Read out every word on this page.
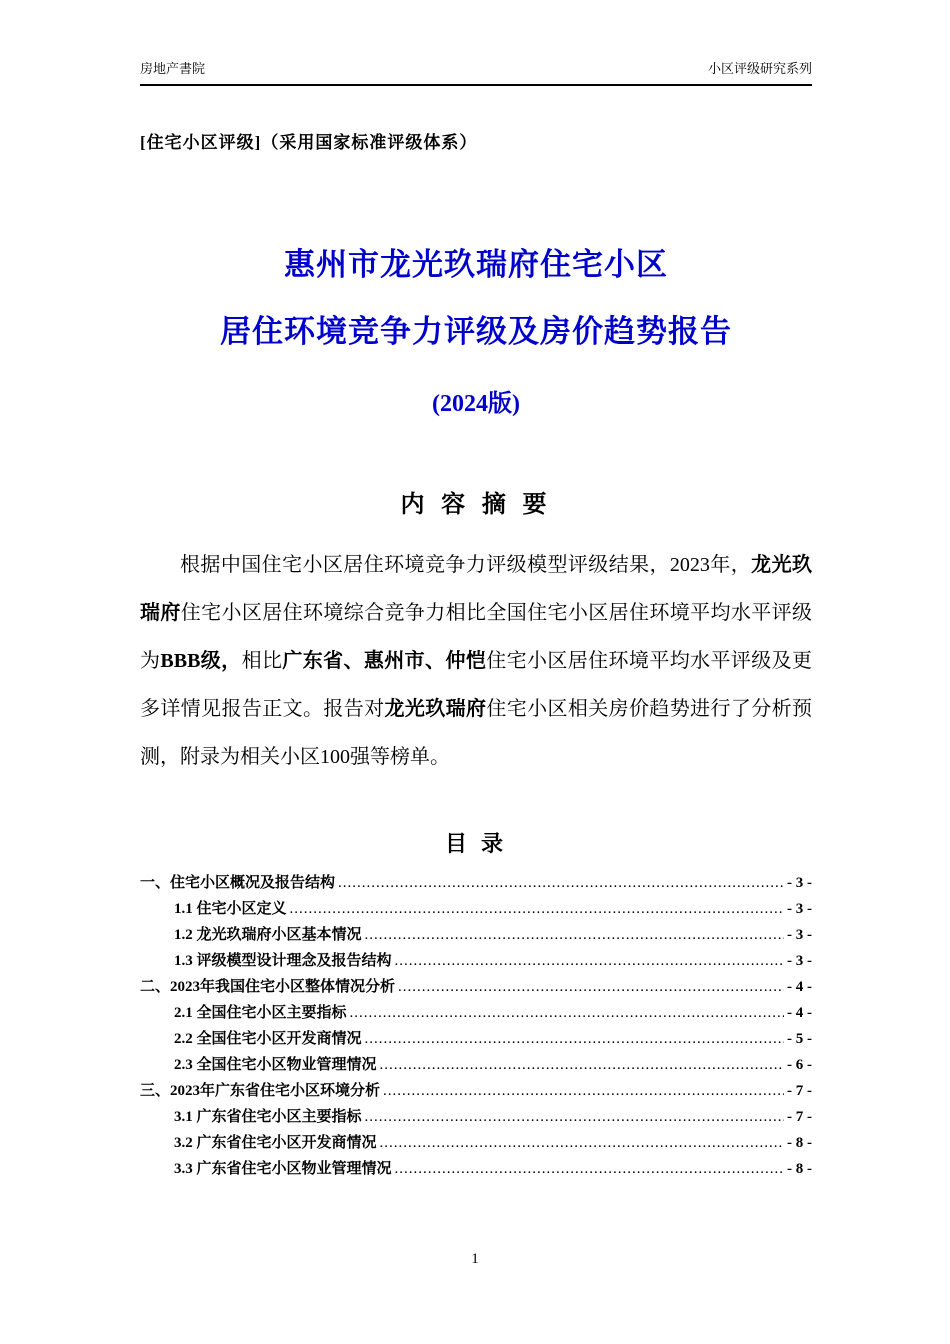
房地产書院	小区评级研究系列
[住宅小区评级]（采用国家标准评级体系）
惠州市龙光玖瑞府住宅小区
居住环境竞争力评级及房价趋势报告
(2024版)
内 容 摘 要

根据中国住宅小区居住环境竞争力评级模型评级结果，2023年，龙光玖瑞府住宅小区居住环境综合竞争力相比全国住宅小区居住环境平均水平评级为BBB级，相比广东省、惠州市、仲恺住宅小区居住环境平均水平评级及更多详情见报告正文。报告对龙光玖瑞府住宅小区相关房价趋势进行了分析预测，附录为相关小区100强等榜单。

目 录
一、住宅小区概况及报告结构 .....	- 3 -
1.1 住宅小区定义 .....	- 3 -
1.2 龙光玖瑞府小区基本情况 .....	- 3 -
1.3 评级模型设计理念及报告结构 .....	- 3 -
二、2023年我国住宅小区整体情况分析 .....	- 4 -
2.1 全国住宅小区主要指标 .....	- 4 -
2.2 全国住宅小区开发商情况 .....	- 5 -
2.3 全国住宅小区物业管理情况 .....	- 6 -
三、2023年广东省住宅小区环境分析 .....	- 7 -
3.1 广东省住宅小区主要指标 .....	- 7 -
3.2 广东省住宅小区开发商情况 .....	- 8 -
3.3 广东省住宅小区物业管理情况 .....	- 8 -
1
